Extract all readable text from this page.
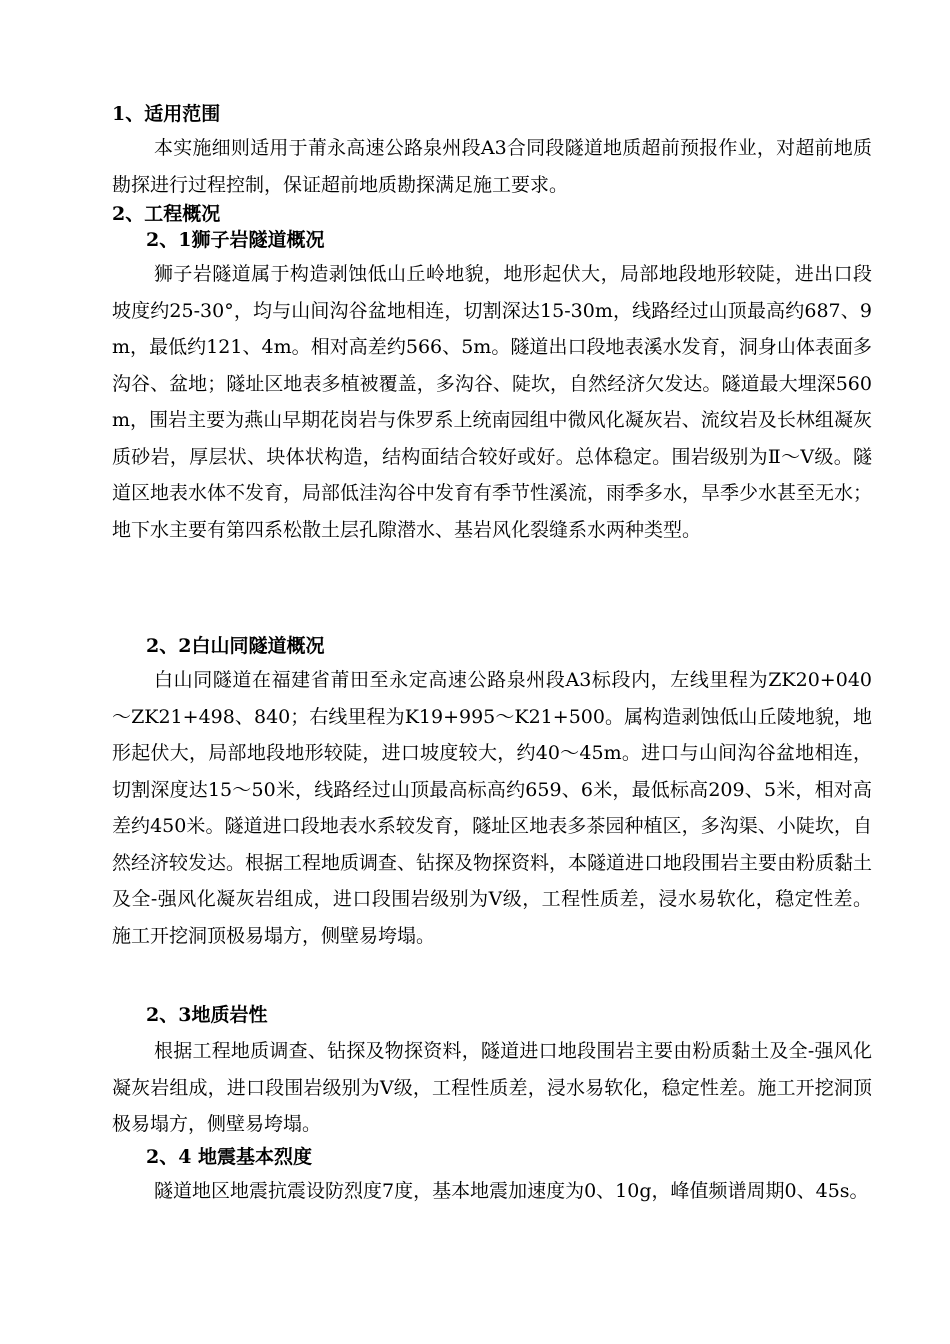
1、适用范围

本实施细则适用于莆永高速公路泉州段A3合同段隧道地质超前预报作业，对超前地质勘探进行过程控制，保证超前地质勘探满足施工要求。

2、工程概况
2、1狮子岩隧道概况

狮子岩隧道属于构造剥蚀低山丘岭地貌，地形起伏大，局部地段地形较陡，进出口段坡度约25-30°，均与山间沟谷盆地相连，切割深达15-30m，线路经过山顶最高约687、9m，最低约121、4m。相对高差约566、5m。隧道出口段地表溪水发育，洞身山体表面多沟谷、盆地；隧址区地表多植被覆盖，多沟谷、陡坎，自然经济欠发达。隧道最大埋深560m，围岩主要为燕山早期花岗岩与侏罗系上统南园组中微风化凝灰岩、流纹岩及长林组凝灰质砂岩，厚层状、块体状构造，结构面结合较好或好。总体稳定。围岩级别为Ⅱ～Ⅴ级。隧道区地表水体不发育，局部低洼沟谷中发育有季节性溪流，雨季多水，旱季少水甚至无水；地下水主要有第四系松散土层孔隙潜水、基岩风化裂缝系水两种类型。

2、2白山同隧道概况

白山同隧道在福建省莆田至永定高速公路泉州段A3标段内，左线里程为ZK20+040～ZK21+498、840；右线里程为K19+995～K21+500。属构造剥蚀低山丘陵地貌，地形起伏大，局部地段地形较陡，进口坡度较大，约40～45m。进口与山间沟谷盆地相连，切割深度达15～50米，线路经过山顶最高标高约659、6米，最低标高209、5米，相对高差约450米。隧道进口段地表水系较发育，隧址区地表多茶园种植区，多沟渠、小陡坎，自然经济较发达。根据工程地质调查、钻探及物探资料，本隧道进口地段围岩主要由粉质黏土及全-强风化凝灰岩组成，进口段围岩级别为Ⅴ级，工程性质差，浸水易软化，稳定性差。施工开挖洞顶极易塌方，侧壁易垮塌。

2、3地质岩性

根据工程地质调查、钻探及物探资料，隧道进口地段围岩主要由粉质黏土及全-强风化凝灰岩组成，进口段围岩级别为Ⅴ级，工程性质差，浸水易软化，稳定性差。施工开挖洞顶极易塌方，侧壁易垮塌。

2、4 地震基本烈度

隧道地区地震抗震设防烈度7度，基本地震加速度为0、10g，峰值频谱周期0、45s。
